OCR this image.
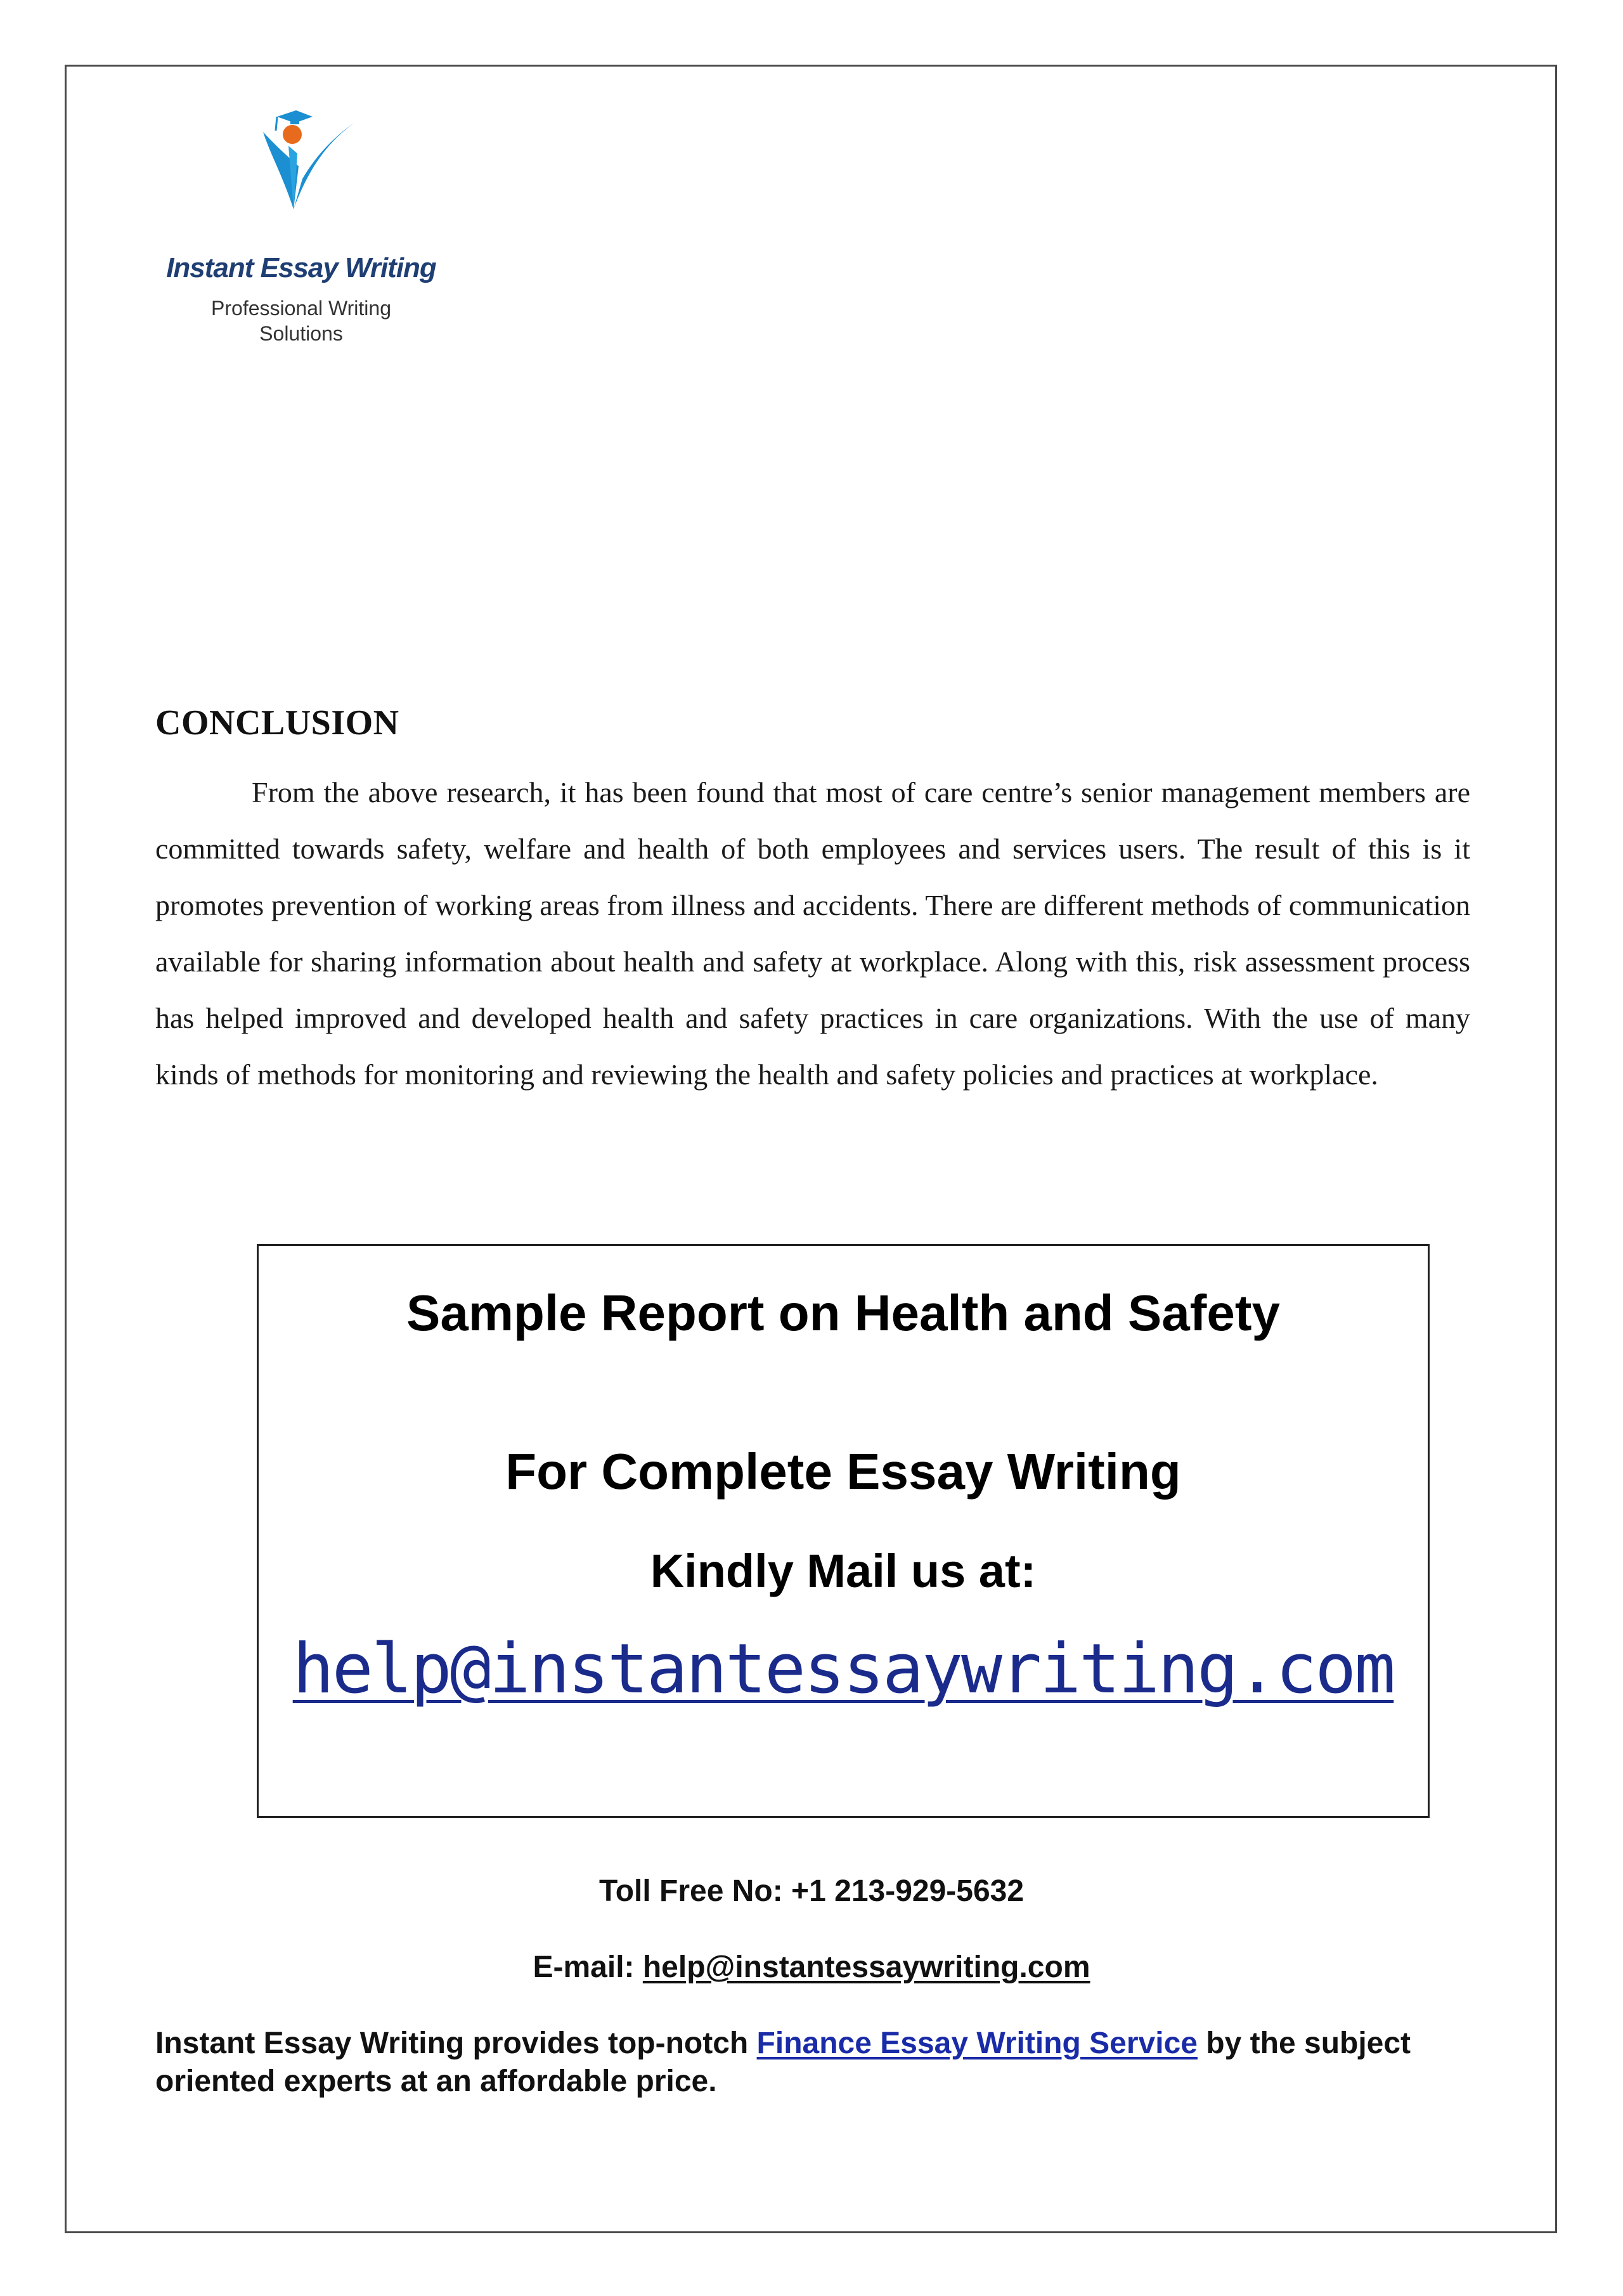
Instant Essay Writing
Professional Writing
Solutions
CONCLUSION

From the above research, it has been found that most of care centre’s senior management members are committed towards safety, welfare and health of both employees and services users. The result of this is it promotes prevention of working areas from illness and accidents. There are different methods of communication available for sharing information about health and safety at workplace. Along with this, risk assessment process has helped improved and developed health and safety practices in care organizations. With the use of many kinds of methods for monitoring and reviewing the health and safety policies and practices at workplace.

Sample Report on Health and Safety
For Complete Essay Writing
Kindly Mail us at:
help@instantessaywriting.com
Toll Free No: +1 213-929-5632
E-mail: help@instantessaywriting.com
Instant Essay Writing provides top-notch Finance Essay Writing Service by the subject oriented experts at an affordable price.
